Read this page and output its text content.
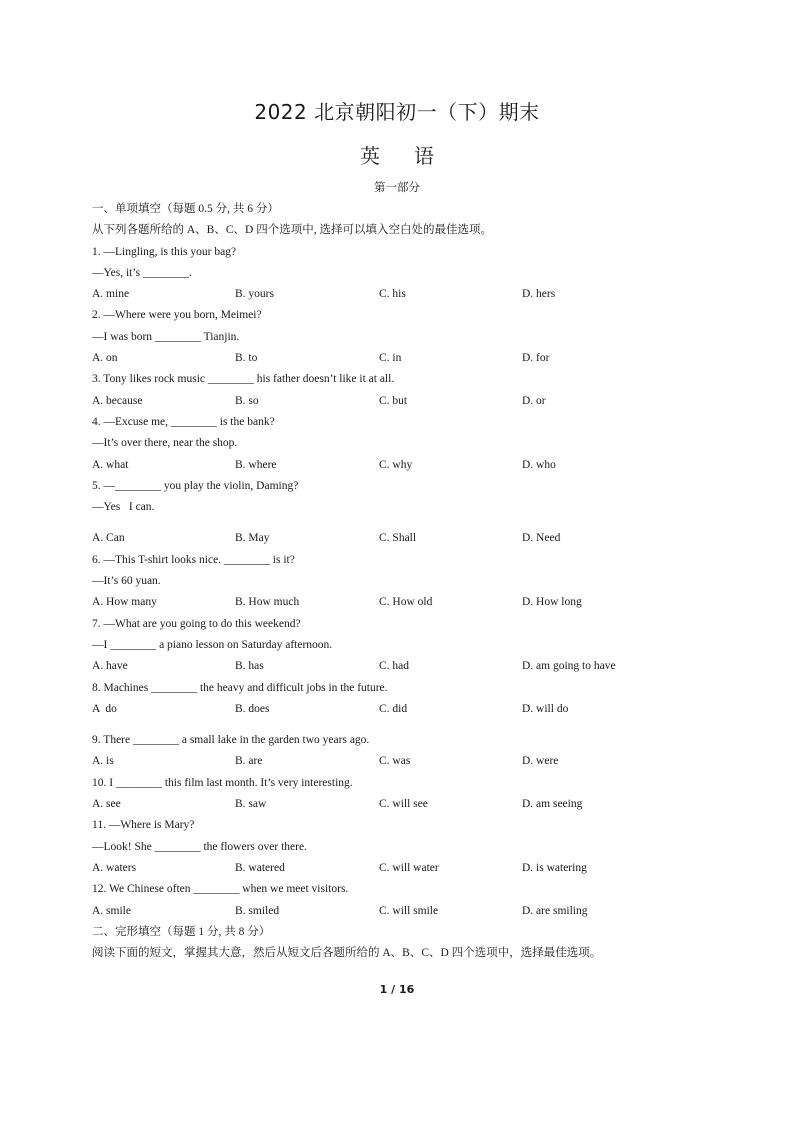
2022 北京朝阳初一（下）期末
英语
第一部分
一、单项填空（每题 0.5 分, 共 6 分）
从下列各题所给的 A、B、C、D 四个选项中, 选择可以填入空白处的最佳选项。
1. —Lingling, is this your bag?
—Yes, it’s ________.
A. mine	B. yours	C. his	D. hers
2. —Where were you born, Meimei?
—I was born ________ Tianjin.
A. on	B. to	C. in	D. for
3. Tony likes rock music ________ his father doesn’t like it at all.
A. because	B. so	C. but	D. or
4. —Excuse me, ________ is the bank?
—It’s over there, near the shop.
A. what	B. where	C. why	D. who
5. —________ you play the violin, Daming?
—Yes   I can.
A. Can	B. May	C. Shall	D. Need
6. —This T-shirt looks nice. ________ is it?
—It’s 60 yuan.
A. How many	B. How much	C. How old	D. How long
7. —What are you going to do this weekend?
—I ________ a piano lesson on Saturday afternoon.
A. have	B. has	C. had	D. am going to have
8. Machines ________ the heavy and difficult jobs in the future.
A  do	B. does	C. did	D. will do
9. There ________ a small lake in the garden two years ago.
A. is	B. are	C. was	D. were
10. I ________ this film last month. It’s very interesting.
A. see	B. saw	C. will see	D. am seeing
11. —Where is Mary?
—Look! She ________ the flowers over there.
A. waters	B. watered	C. will water	D. is watering
12. We Chinese often ________ when we meet visitors.
A. smile	B. smiled	C. will smile	D. are smiling
二、完形填空（每题 1 分, 共 8 分）
阅读下面的短文，掌握其大意，然后从短文后各题所给的 A、B、C、D 四个选项中，选择最佳选项。
1 / 16
